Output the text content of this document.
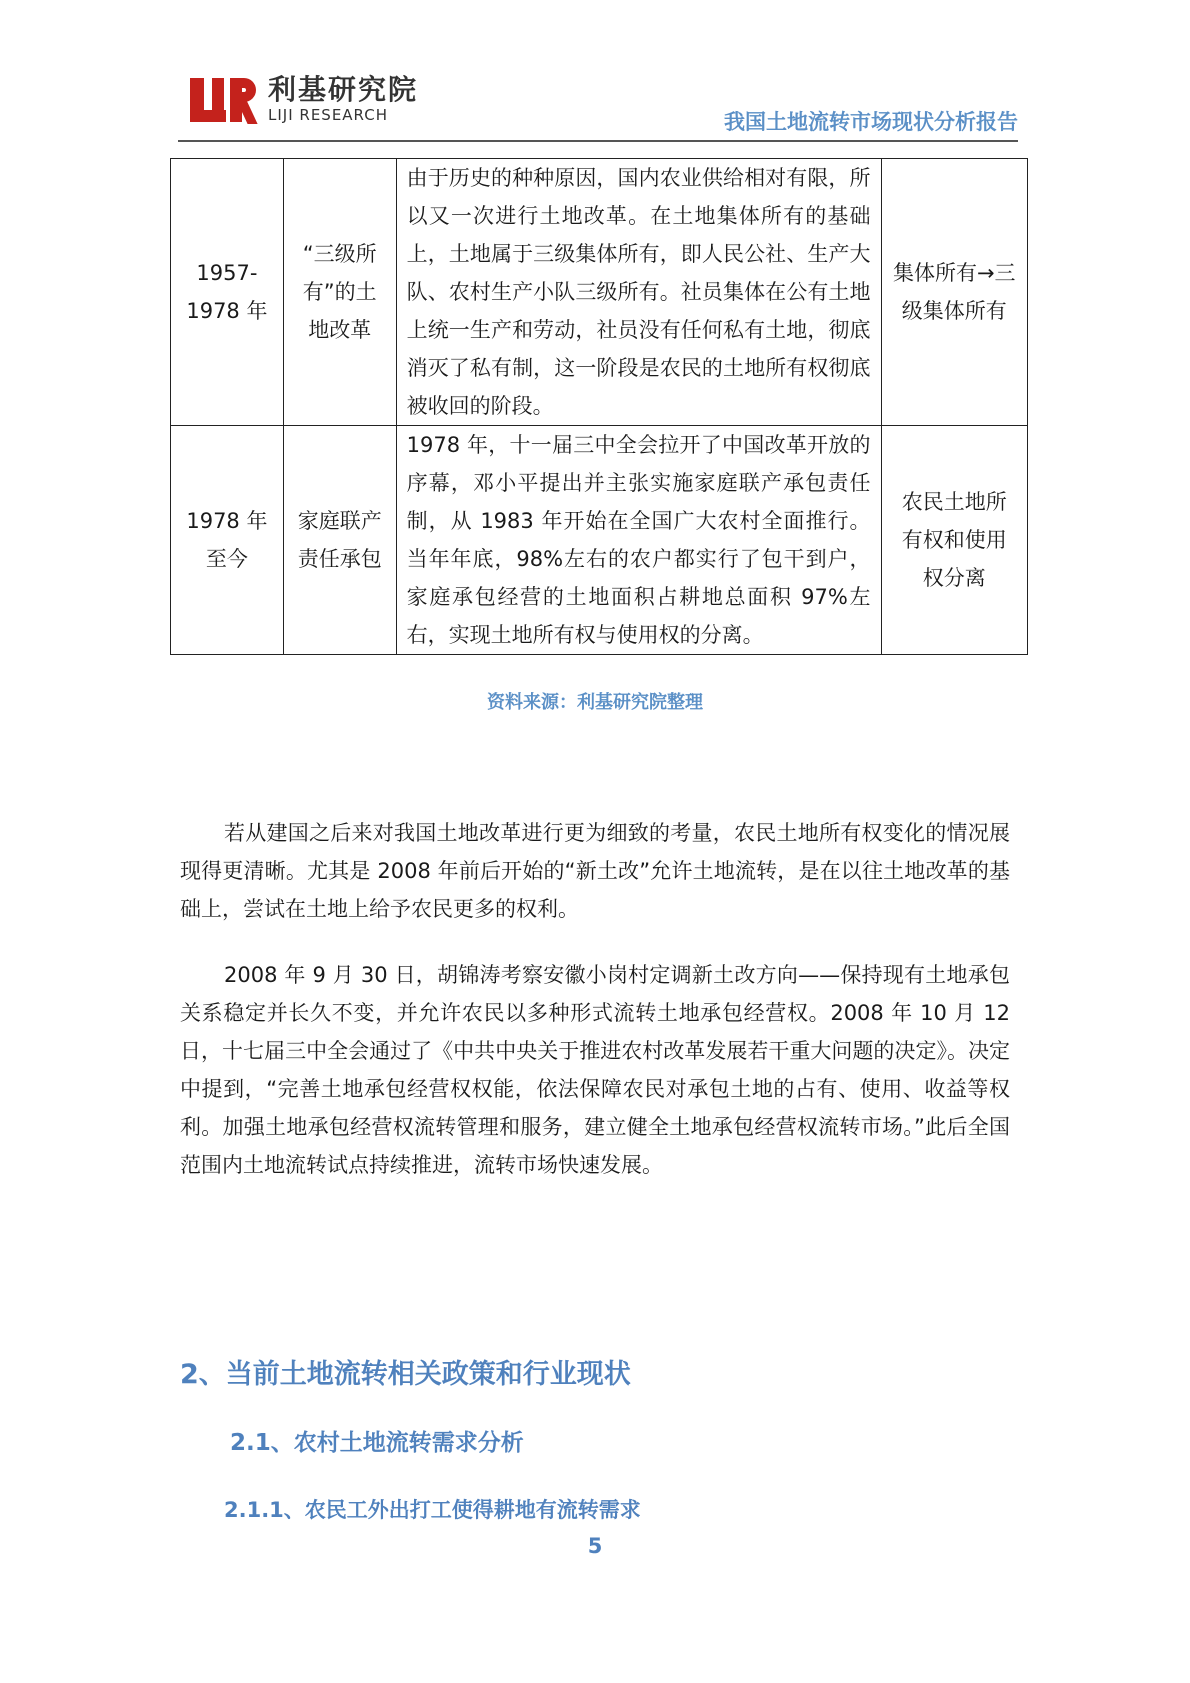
利基研究院
LIJI RESEARCH	我国土地流转市场现状分析报告
1957-1978 年	“三级所有”的土地改革	由于历史的种种原因，国内农业供给相对有限，所以又一次进行土地改革。在土地集体所有的基础上，土地属于三级集体所有，即人民公社、生产大队、农村生产小队三级所有。社员集体在公有土地上统一生产和劳动，社员没有任何私有土地，彻底消灭了私有制，这一阶段是农民的土地所有权彻底被收回的阶段。	集体所有→三级集体所有
1978 年至今	家庭联产责任承包	1978 年，十一届三中全会拉开了中国改革开放的序幕，邓小平提出并主张实施家庭联产承包责任制，从 1983 年开始在全国广大农村全面推行。当年年底，98%左右的农户都实行了包干到户，家庭承包经营的土地面积占耕地总面积 97%左右，实现土地所有权与使用权的分离。	农民土地所有权和使用权分离
资料来源：利基研究院整理

若从建国之后来对我国土地改革进行更为细致的考量，农民土地所有权变化的情况展现得更清晰。尤其是 2008 年前后开始的“新土改”允许土地流转，是在以往土地改革的基础上，尝试在土地上给予农民更多的权利。

2008 年 9 月 30 日，胡锦涛考察安徽小岗村定调新土改方向——保持现有土地承包关系稳定并长久不变，并允许农民以多种形式流转土地承包经营权。2008 年 10 月 12 日，十七届三中全会通过了《中共中央关于推进农村改革发展若干重大问题的决定》。决定中提到，“完善土地承包经营权权能，依法保障农民对承包土地的占有、使用、收益等权利。加强土地承包经营权流转管理和服务，建立健全土地承包经营权流转市场。”此后全国范围内土地流转试点持续推进，流转市场快速发展。

2、当前土地流转相关政策和行业现状
2.1、农村土地流转需求分析
2.1.1、农民工外出打工使得耕地有流转需求
5
